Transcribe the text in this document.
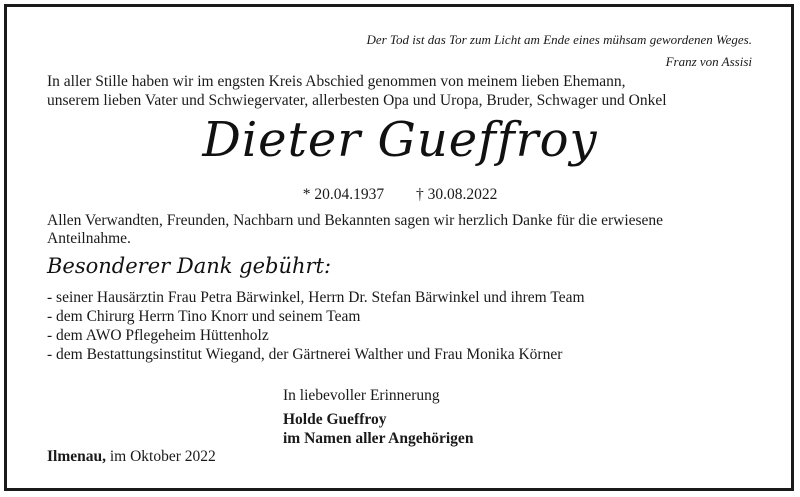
Der Tod ist das Tor zum Licht am Ende eines mühsam gewordenen Weges.
Franz von Assisi
In aller Stille haben wir im engsten Kreis Abschied genommen von meinem lieben Ehemann,
unserem lieben Vater und Schwiegervater, allerbesten Opa und Uropa, Bruder, Schwager und Onkel
Dieter Gueffroy
* 20.04.1937 † 30.08.2022
Allen Verwandten, Freunden, Nachbarn und Bekannten sagen wir herzlich Danke für die erwiesene
Anteilnahme.
Besonderer Dank gebührt:
- seiner Hausärztin Frau Petra Bärwinkel, Herrn Dr. Stefan Bärwinkel und ihrem Team
- dem Chirurg Herrn Tino Knorr und seinem Team
- dem AWO Pflegeheim Hüttenholz
- dem Bestattungsinstitut Wiegand, der Gärtnerei Walther und Frau Monika Körner
In liebevoller Erinnerung
Holde Gueffroy
im Namen aller Angehörigen
Ilmenau, im Oktober 2022
